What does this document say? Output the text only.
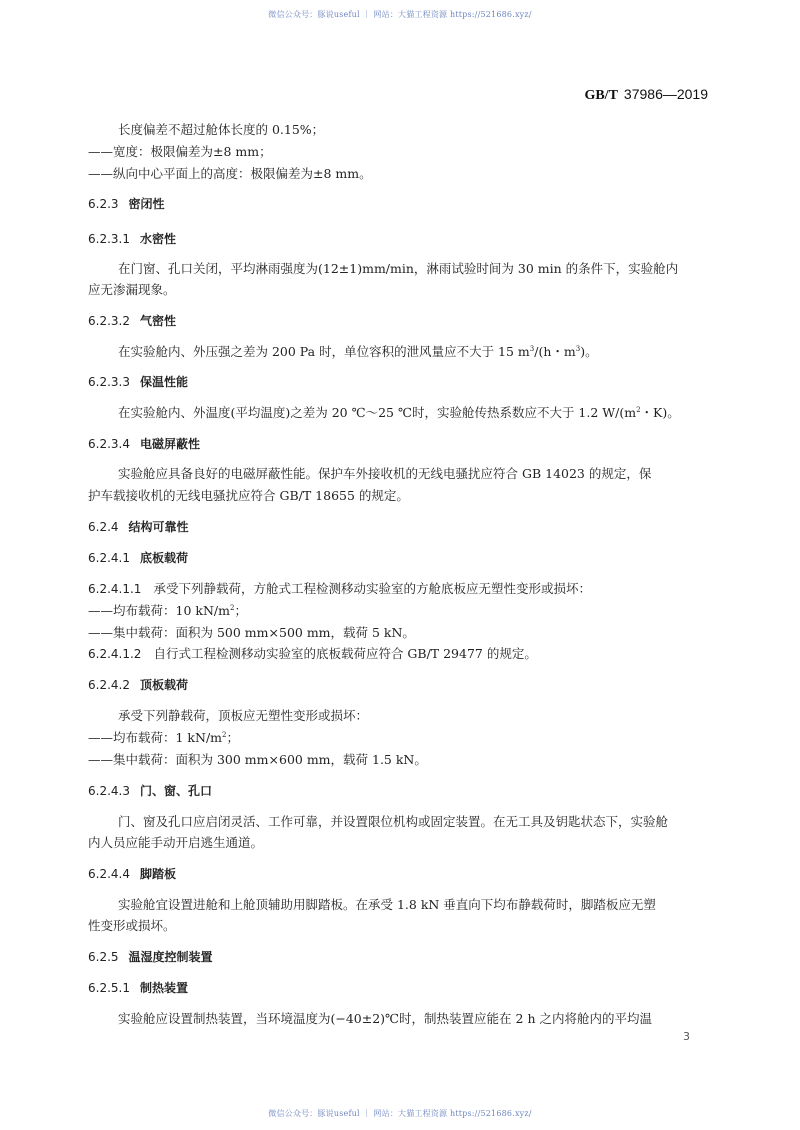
微信公众号：豚说useful ｜ 网站：大猫工程资源 https://521686.xyz/
GB/T 37986—2019
长度偏差不超过舱体长度的 0.15%；
——宽度：极限偏差为±8 mm；
——纵向中心平面上的高度：极限偏差为±8 mm。
6.2.3 密闭性
6.2.3.1 水密性
在门窗、孔口关闭，平均淋雨强度为(12±1)mm/min，淋雨试验时间为 30 min 的条件下，实验舱内
应无渗漏现象。
6.2.3.2 气密性
在实验舱内、外压强之差为 200 Pa 时，单位容积的泄风量应不大于 15 $m^3/(h$・$m^3$)。
6.2.3.3 保温性能
在实验舱内、外温度(平均温度)之差为 20 ℃～25 ℃时，实验舱传热系数应不大于 1.2 $W/(m^2$・K)。
6.2.3.4 电磁屏蔽性
实验舱应具备良好的电磁屏蔽性能。保护车外接收机的无线电骚扰应符合 GB 14023 的规定，保
护车载接收机的无线电骚扰应符合 GB/T 18655 的规定。
6.2.4 结构可靠性
6.2.4.1 底板载荷
6.2.4.1.1 承受下列静载荷，方舱式工程检测移动实验室的方舱底板应无塑性变形或损坏：
——均布载荷：10 $kN/m^2$；
——集中载荷：面积为 500 mm×500 mm，载荷 5 kN。
6.2.4.1.2 自行式工程检测移动实验室的底板载荷应符合 GB/T 29477 的规定。
6.2.4.2 顶板载荷
承受下列静载荷，顶板应无塑性变形或损坏：
——均布载荷：1 $kN/m^2$；
——集中载荷：面积为 300 mm×600 mm，载荷 1.5 kN。
6.2.4.3 门、窗、孔口
门、窗及孔口应启闭灵活、工作可靠，并设置限位机构或固定装置。在无工具及钥匙状态下，实验舱
内人员应能手动开启逃生通道。
6.2.4.4 脚踏板
实验舱宜设置进舱和上舱顶辅助用脚踏板。在承受 1.8 kN 垂直向下均布静载荷时，脚踏板应无塑
性变形或损坏。
6.2.5 温湿度控制装置
6.2.5.1 制热装置
实验舱应设置制热装置，当环境温度为(−40±2)℃时，制热装置应能在 2 h 之内将舱内的平均温
3
微信公众号：豚说useful ｜ 网站：大猫工程资源 https://521686.xyz/
